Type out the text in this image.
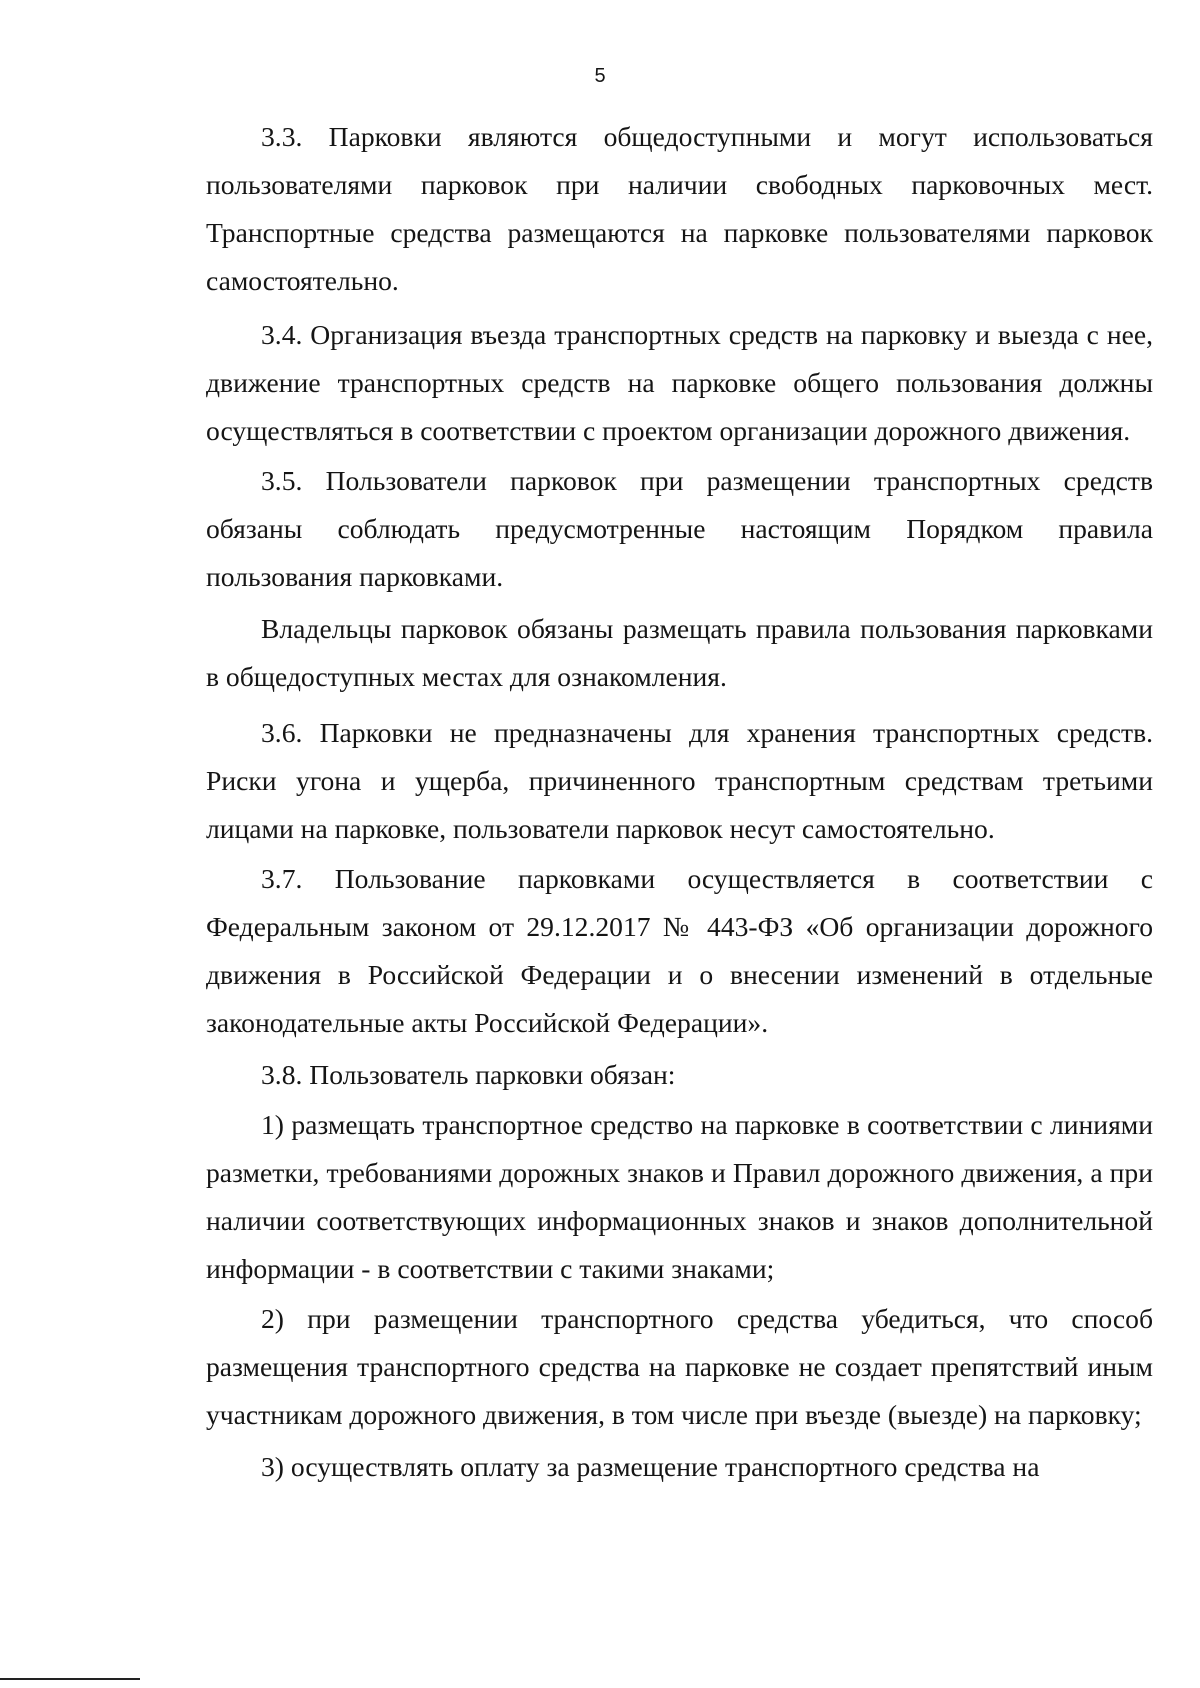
5

3.3. Парковки являются общедоступными и могут использоваться пользователями парковок при наличии свободных парковочных мест. Транспортные средства размещаются на парковке пользователями парковок самостоятельно.

3.4. Организация въезда транспортных средств на парковку и выезда с нее, движение транспортных средств на парковке общего пользования должны осуществляться в соответствии с проектом организации дорожного движения.

3.5. Пользователи парковок при размещении транспортных средств обязаны соблюдать предусмотренные настоящим Порядком правила пользования парковками.

Владельцы парковок обязаны размещать правила пользования парковками в общедоступных местах для ознакомления.

3.6. Парковки не предназначены для хранения транспортных средств. Риски угона и ущерба, причиненного транспортным средствам третьими лицами на парковке, пользователи парковок несут самостоятельно.

3.7. Пользование парковками осуществляется в соответствии с Федеральным законом от 29.12.2017 № 443-ФЗ «Об организации дорожного движения в Российской Федерации и о внесении изменений в отдельные законодательные акты Российской Федерации».

3.8. Пользователь парковки обязан:

1) размещать транспортное средство на парковке в соответствии с линиями разметки, требованиями дорожных знаков и Правил дорожного движения, а при наличии соответствующих информационных знаков и знаков дополнительной информации - в соответствии с такими знаками;

2) при размещении транспортного средства убедиться, что способ размещения транспортного средства на парковке не создает препятствий иным участникам дорожного движения, в том числе при въезде (выезде) на парковку;

3) осуществлять оплату за размещение транспортного средства на
